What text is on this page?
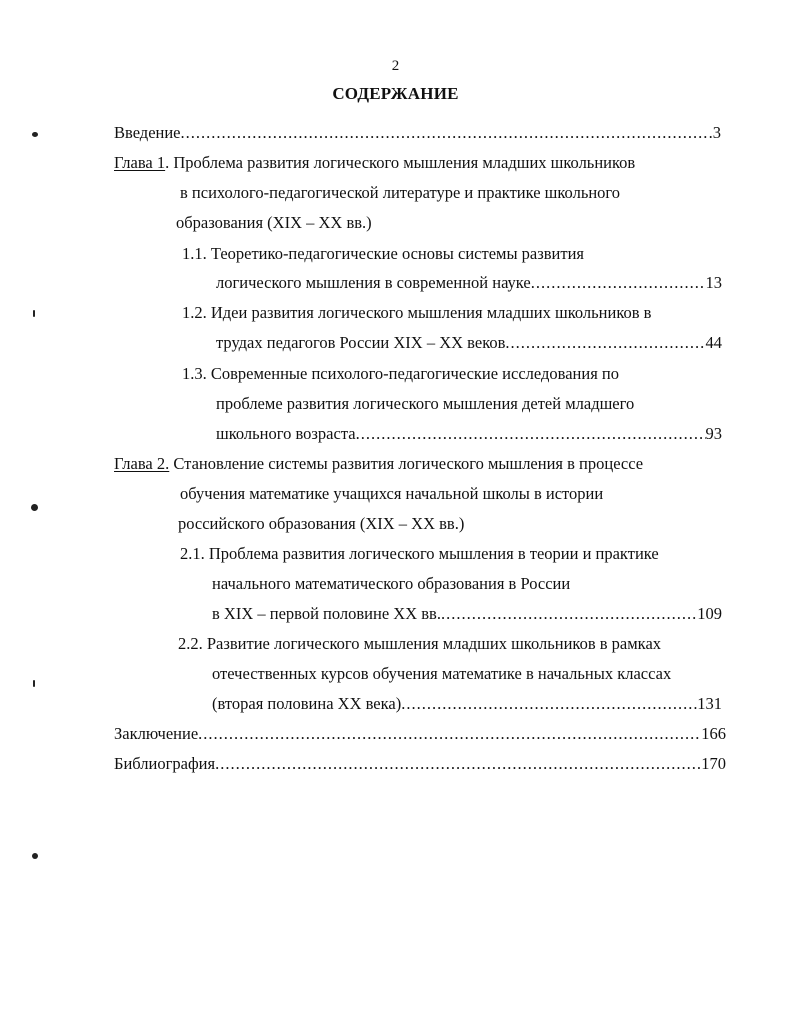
2
СОДЕРЖАНИЕ
Введение .....	.3
Глава 1. Проблема развития логического мышления младших школьников
в психолого-педагогической литературе и практике школьного
образования (XIX – XX вв.)
1.1. Теоретико-педагогические основы системы развития
логического мышления в современной науке .....	13
1.2. Идеи развития логического мышления младших школьников в
трудах педагогов России XIX – XX веков .....	44
1.3. Современные психолого-педагогические исследования по
проблеме развития логического мышления детей младшего
школьного возраста .....	93
Глава 2. Становление системы развития логического мышления в процессе
обучения математике учащихся начальной школы в истории
российского образования (XIX – XX вв.)
2.1. Проблема развития логического мышления в теории и практике
начального математического образования в России
в XIX – первой половине XX вв. .....	109
2.2. Развитие логического мышления младших школьников в рамках
отечественных курсов обучения математике в начальных классах
(вторая половина XX века) .....	131
Заключение .....	166
Библиография .....	170
